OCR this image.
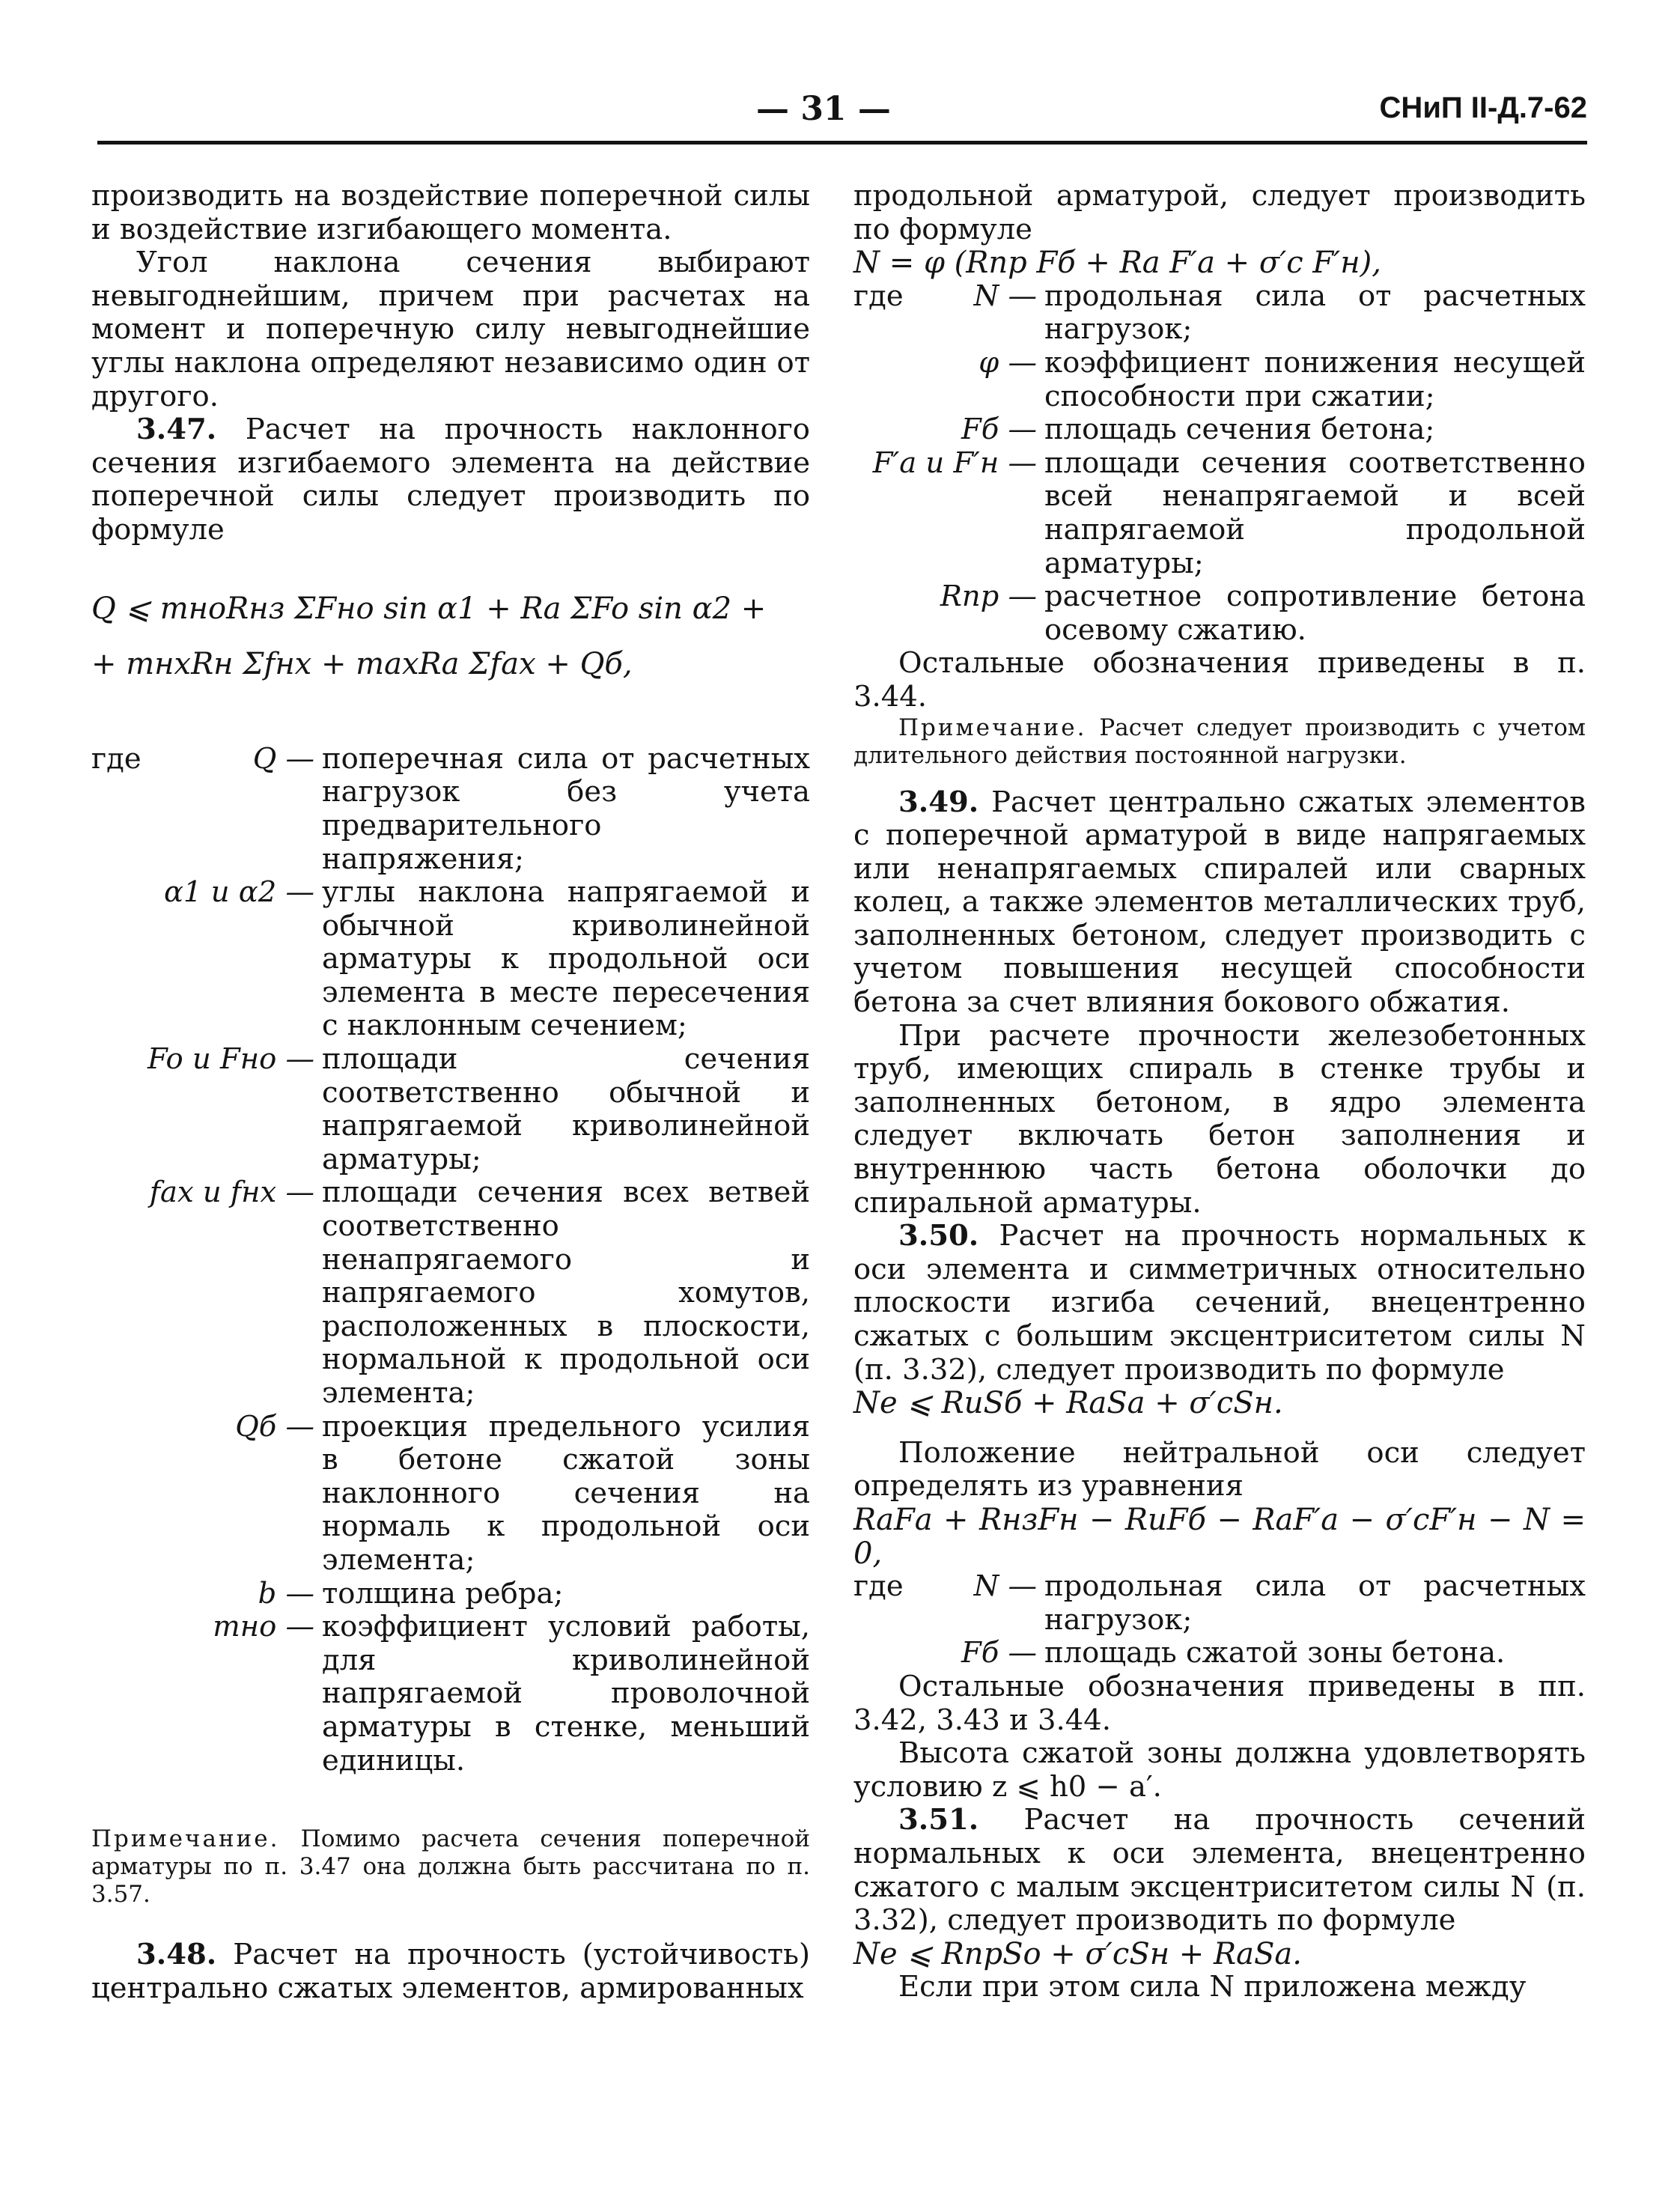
— 31 —	СНиП II-Д.7-62

производить на воздействие поперечной силы и воздействие изгибающего момента.

Угол наклона сечения выбирают невыгоднейшим, причем при расчетах на момент и поперечную силу невыгоднейшие углы наклона определяют независимо один от другого.

3.47. Расчет на прочность наклонного сечения изгибаемого элемента на действие поперечной силы следует производить по формуле

Q ⩽ mнoRнз ΣFнo sin α1 + Rа ΣFo sin α2 +

+ mнxRн Σfнx + maxRа Σfax + Qб,

где	Q — поперечная сила от расчетных нагрузок без учета предварительного напряжения;
α1 и α2 — углы наклона напрягаемой и обычной криволинейной арматуры к продольной оси элемента в месте пересечения с наклонным сечением;
Fo и Fнo — площади сечения соответственно обычной и напрягаемой криволинейной арматуры;
fax и fнx — площади сечения всех ветвей соответственно ненапрягаемого и напрягаемого хомутов, расположенных в плоскости, нормальной к продольной оси элемента;
Qб — проекция предельного усилия в бетоне сжатой зоны наклонного сечения на нормаль к продольной оси элемента;
b — толщина ребра;
mнo — коэффициент условий работы, для криволинейной напрягаемой проволочной арматуры в стенке, меньший единицы.

Примечание. Помимо расчета сечения поперечной арматуры по п. 3.47 она должна быть рассчитана по п. 3.57.

3.48. Расчет на прочность (устойчивость) центрально сжатых элементов, армированных

продольной арматурой, следует производить по формуле

N = φ (Rпр Fб + Rа F′а + σ′с F′н),

где	N — продольная сила от расчетных нагрузок;
φ — коэффициент понижения несущей способности при сжатии;
Fб — площадь сечения бетона;
F′а и F′н — площади сечения соответственно всей ненапрягаемой и всей напрягаемой продольной арматуры;
Rпр — расчетное сопротивление бетона осевому сжатию.

Остальные обозначения приведены в п. 3.44.

Примечание. Расчет следует производить с учетом длительного действия постоянной нагрузки.

3.49. Расчет центрально сжатых элементов с поперечной арматурой в виде напрягаемых или ненапрягаемых спиралей или сварных колец, а также элементов металлических труб, заполненных бетоном, следует производить с учетом повышения несущей способности бетона за счет влияния бокового обжатия.

При расчете прочности железобетонных труб, имеющих спираль в стенке трубы и заполненных бетоном, в ядро элемента следует включать бетон заполнения и внутреннюю часть бетона оболочки до спиральной арматуры.

3.50. Расчет на прочность нормальных к оси элемента и симметричных относительно плоскости изгиба сечений, внецентренно сжатых с большим эксцентриситетом силы N (п. 3.32), следует производить по формуле

Ne ⩽ RиSб + RаSа + σ′сSн.

Положение нейтральной оси следует определять из уравнения

RаFа + RнзFн − RиFб − RаF′а − σ′сF′н − N = 0,

где	N — продольная сила от расчетных нагрузок;
Fб — площадь сжатой зоны бетона.

Остальные обозначения приведены в пп. 3.42, 3.43 и 3.44.

Высота сжатой зоны должна удовлетворять условию z ⩽ h0 − a′.

3.51. Расчет на прочность сечений нормальных к оси элемента, внецентренно сжатого с малым эксцентриситетом силы N (п. 3.32), следует производить по формуле

Ne ⩽ RпрSо + σ′сSн + RаSа.

Если при этом сила N приложена между
